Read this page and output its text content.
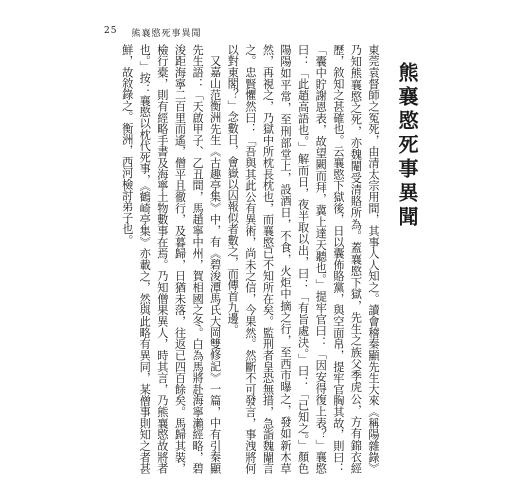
25 熊襄愍死事異聞
熊襄愍死事異聞

東莞袁督師之冤死，由清太宗用間，其事人人知之。讀會稽秦顯先生大來《稱陽雜錄》乃知熊襄愍之死，亦魏閹受清賂所為。蓋襄愍下獄，先生之族父季虎公，方有錦衣經歷，敘知之甚確也。云襄愍下獄後，日以囊佈賂黨，與空面帛，提牢官胸其故，則曰：「囊中貯謝恩表，故望闕而拜，冀上達天聽也。」提牢官曰：「因安得復上表？」襄愍曰：「此趙高語也。」解而日，夜半取以出，曰：「有旨處決。」曰：「已知之。」顏色陽陽如平常，至刑部堂上，設酒日，不食，火炬中摘之行，至西市曝之，發如新木草然，再視之，乃獄中所枕長枕也，而襄愍已不知所在矣。監刑者皇恐無措，急詣魏閹言之。忠賢懼然曰：「吾與其此公有異術，尚未之信，今果然。然斷不可發言，事洩將何以對東閣？」念數日，會嶽以囚報似者數之，而傳首九邊。

又嘉山范衡洲先生《古趣亭集》中，有《碧浚潭馬氏大岡雙修記》一篇，中有引秦顯先生語：「天啟甲子、乙丑間，馬趙寧中州，賀相國之冬。白為馬將赴海寧瀨經略，碧浚距海寧二百里而遙，僧平且徹行，及暮歸，日猶未落，往返已四百餘矣。馬歸其裝，檢行橐，則有經略手書及海寧土物數事在焉。乃知僧果異人，時其言，乃熊襄愍故將者也。」按：襄愍以枕代死事，《鶴崎亭集》亦載之，然與此略有異同，某僧事則知之者甚鮮，故敘錄之。衡洲，西河檢討弟子也。
